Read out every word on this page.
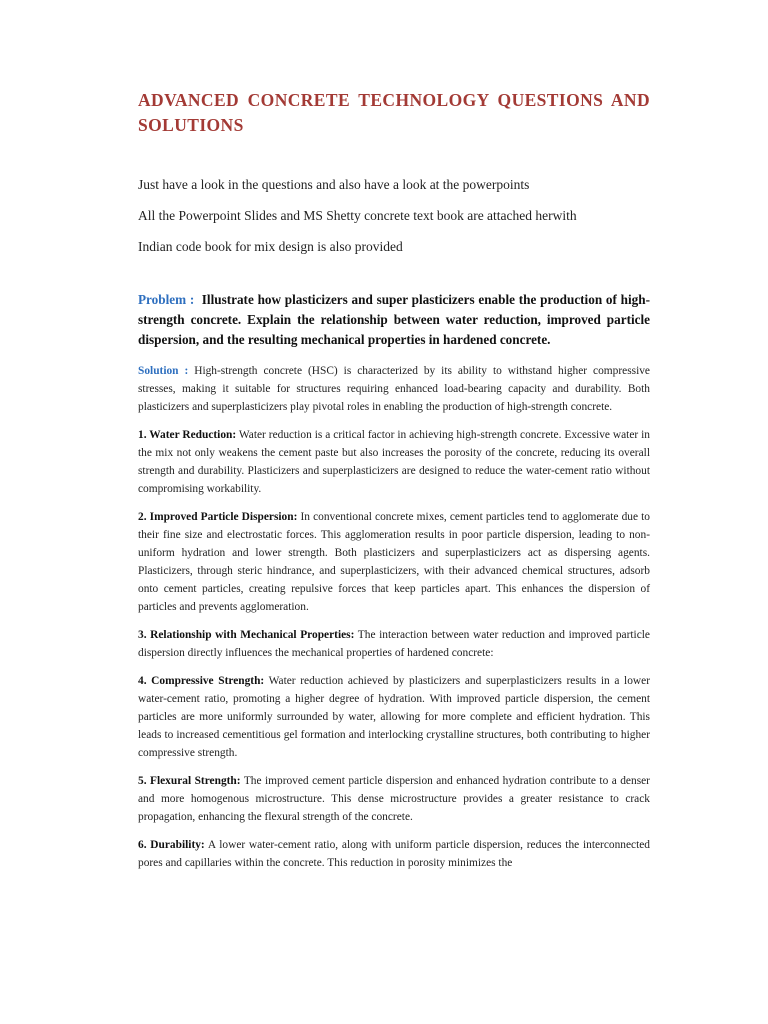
ADVANCED CONCRETE TECHNOLOGY QUESTIONS AND SOLUTIONS

Just have a look in the questions and also have a look at the powerpoints

All the Powerpoint Slides and MS Shetty concrete text book are attached herwith

Indian code book for mix design is also provided

Problem : Illustrate how plasticizers and super plasticizers enable the production of high-strength concrete. Explain the relationship between water reduction, improved particle dispersion, and the resulting mechanical properties in hardened concrete.

Solution : High-strength concrete (HSC) is characterized by its ability to withstand higher compressive stresses, making it suitable for structures requiring enhanced load-bearing capacity and durability. Both plasticizers and superplasticizers play pivotal roles in enabling the production of high-strength concrete.

1. Water Reduction: Water reduction is a critical factor in achieving high-strength concrete. Excessive water in the mix not only weakens the cement paste but also increases the porosity of the concrete, reducing its overall strength and durability. Plasticizers and superplasticizers are designed to reduce the water-cement ratio without compromising workability.

2. Improved Particle Dispersion: In conventional concrete mixes, cement particles tend to agglomerate due to their fine size and electrostatic forces. This agglomeration results in poor particle dispersion, leading to non-uniform hydration and lower strength. Both plasticizers and superplasticizers act as dispersing agents. Plasticizers, through steric hindrance, and superplasticizers, with their advanced chemical structures, adsorb onto cement particles, creating repulsive forces that keep particles apart. This enhances the dispersion of particles and prevents agglomeration.

3. Relationship with Mechanical Properties: The interaction between water reduction and improved particle dispersion directly influences the mechanical properties of hardened concrete:

4. Compressive Strength: Water reduction achieved by plasticizers and superplasticizers results in a lower water-cement ratio, promoting a higher degree of hydration. With improved particle dispersion, the cement particles are more uniformly surrounded by water, allowing for more complete and efficient hydration. This leads to increased cementitious gel formation and interlocking crystalline structures, both contributing to higher compressive strength.

5. Flexural Strength: The improved cement particle dispersion and enhanced hydration contribute to a denser and more homogenous microstructure. This dense microstructure provides a greater resistance to crack propagation, enhancing the flexural strength of the concrete.

6. Durability: A lower water-cement ratio, along with uniform particle dispersion, reduces the interconnected pores and capillaries within the concrete. This reduction in porosity minimizes the
